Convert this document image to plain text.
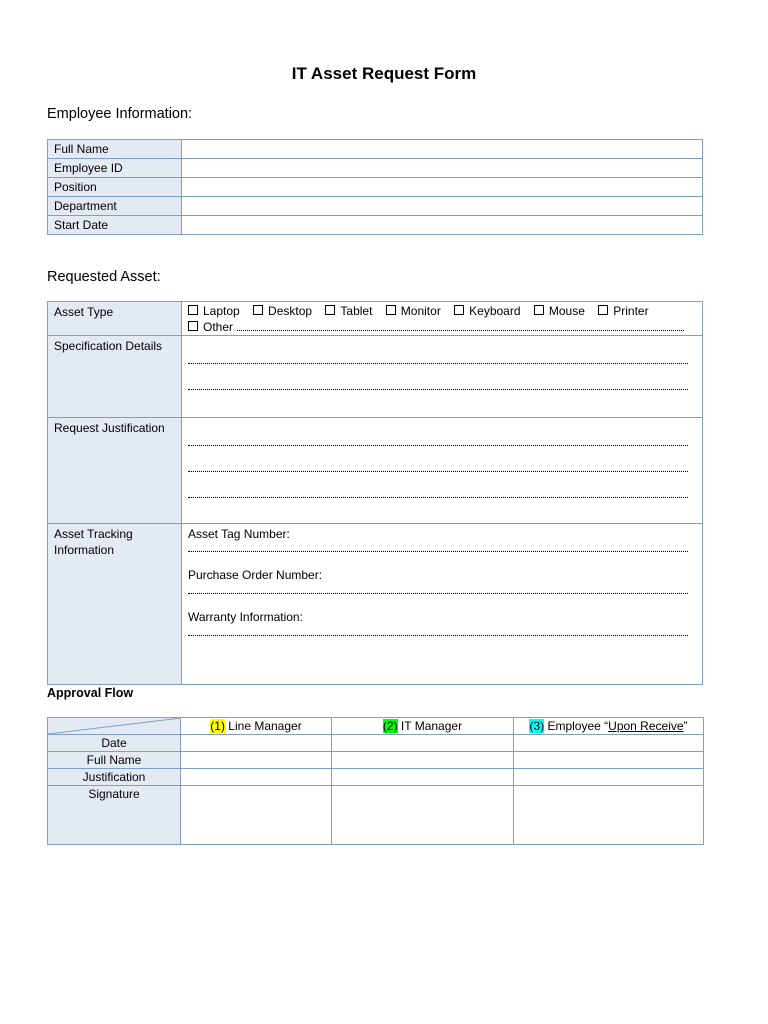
IT Asset Request Form
Employee Information:
Full Name	
Employee ID	
Position	
Department	
Start Date	
Requested Asset:
Asset Type	Laptop Desktop Tablet Monitor Keyboard Mouse Printer
Other
Specification Details	

Request Justification	

Asset Tracking Information	Asset Tag Number:
Purchase Order Number:
Warranty Information:
Approval Flow
	(1) Line Manager	(2) IT Manager	(3) Employee “Upon Receive”
Date			
Full Name			
Justification			
Signature			
